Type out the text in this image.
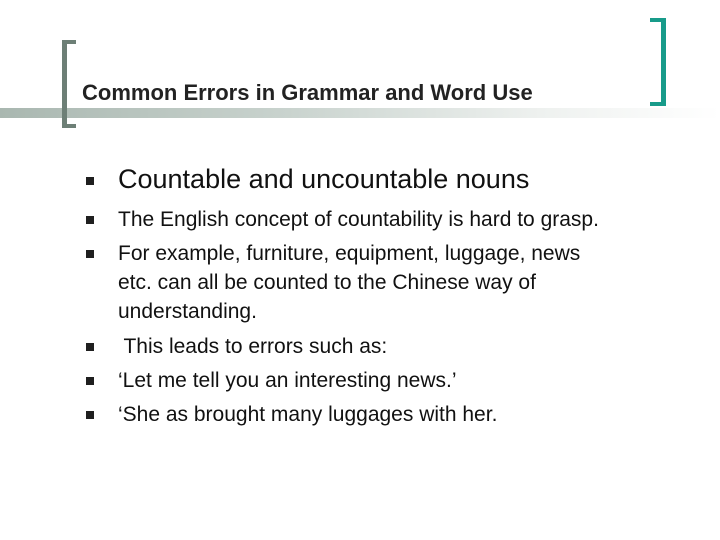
Common Errors in Grammar and Word Use
Countable and uncountable nouns
The English concept of countability is hard to grasp.
For example, furniture, equipment, luggage, news
etc. can all be counted to the Chinese way of
understanding.
This leads to errors such as:
‘Let me tell you an interesting news.’
‘She as brought many luggages with her.
